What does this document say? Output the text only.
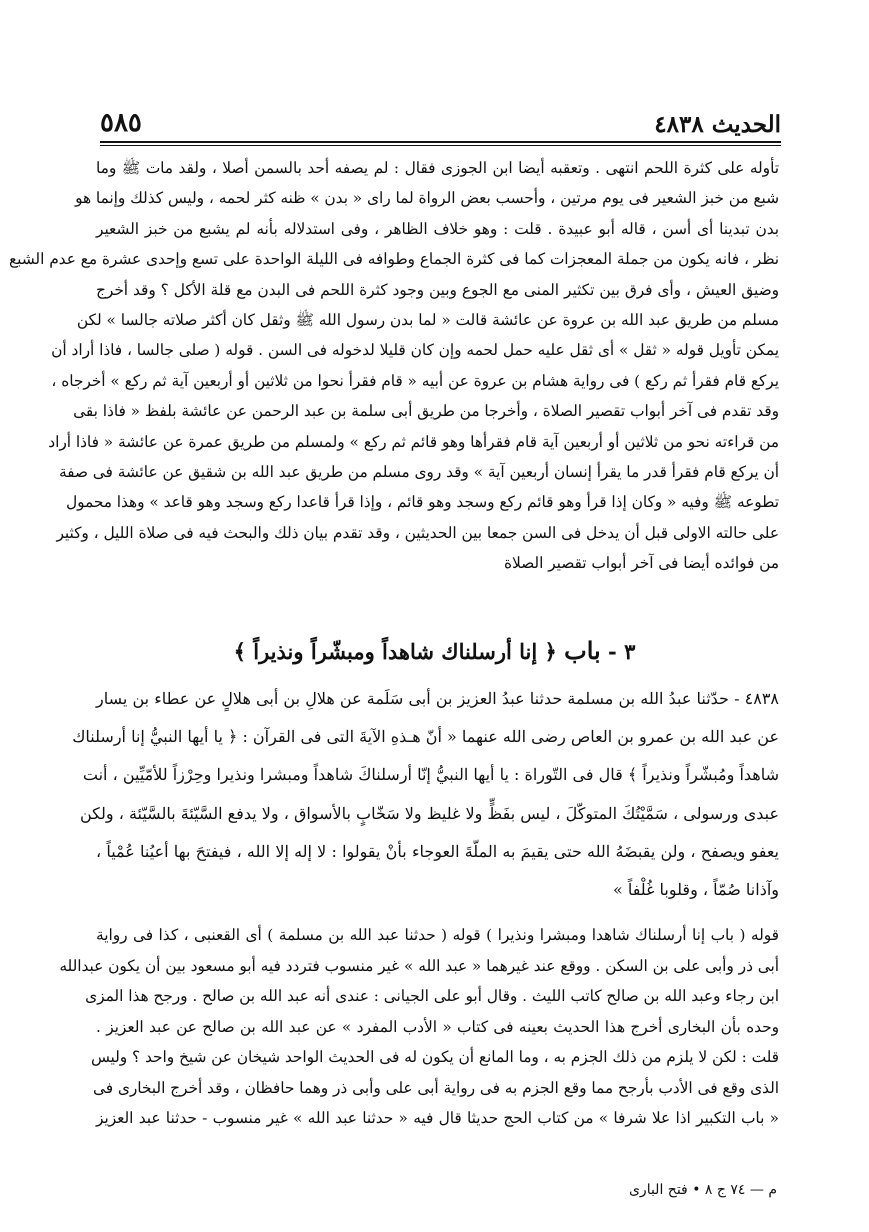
الحديث ٤٨٣٨
٥٨٥
تأوله على كثرة اللحم انتهى . وتعقبه أيضا ابن الجوزى فقال : لم يصفه أحد بالسمن أصلا ، ولقد مات ﷺ وما
شبع من خبز الشعير فى يوم مرتين ، وأحسب بعض الرواة لما راى « بدن » ظنه كثر لحمه ، وليس كذلك وإنما هو
بدن تبدينا أى أسن ، قاله أبو عبيدة . قلت : وهو خلاف الظاهر ، وفى استدلاله بأنه لم يشبع من خبز الشعير
نظر ، فانه يكون من جملة المعجزات كما فى كثرة الجماع وطوافه فى الليلة الواحدة على تسع وإحدى عشرة مع عدم الشبع
وضيق العيش ، وأى فرق بين تكثير المنى مع الجوع وبين وجود كثرة اللحم فى البدن مع قلة الأكل ؟ وقد أخرج
مسلم من طريق عبد الله بن عروة عن عائشة قالت « لما بدن رسول الله ﷺ وثقل كان أكثر صلاته جالسا » لكن
يمكن تأويل قوله « ثقل » أى ثقل عليه حمل لحمه وإن كان قليلا لدخوله فى السن . قوله ( صلى جالسا ، فاذا أراد أن
يركع قام فقرأ ثم ركع ) فى رواية هشام بن عروة عن أبيه « قام فقرأ نحوا من ثلاثين أو أربعين آية ثم ركع » أخرجاه ،
وقد تقدم فى آخر أبواب تقصير الصلاة ، وأخرجا من طريق أبى سلمة بن عبد الرحمن عن عائشة بلفظ « فاذا بقى
من قراءته نحو من ثلاثين أو أربعين آية قام فقرأها وهو قائم ثم ركع » ولمسلم من طريق عمرة عن عائشة « فاذا أراد
أن يركع قام فقرأ قدر ما يقرأ إنسان أربعين آية » وقد روى مسلم من طريق عبد الله بن شقيق عن عائشة فى صفة
تطوعه ﷺ وفيه « وكان إذا قرأ وهو قائم ركع وسجد وهو قائم ، وإذا قرأ قاعدا ركع وسجد وهو قاعد » وهذا محمول
على حالته الاولى قبل أن يدخل فى السن جمعا بين الحديثين ، وقد تقدم بيان ذلك والبحث فيه فى صلاة الليل ، وكثير
من فوائده أيضا فى آخر أبواب تقصير الصلاة
٣ - باب ﴿ إنا أرسلناك شاهداً ومبشّراً ونذيراً ﴾
٤٨٣٨ - حدّثنا عبدُ الله بن مسلمة حدثنا عبدُ العزيز بن أبى سَلَمة عن هلالِ بن أبى هلالٍ عن عطاء بن يسار
عن عبد الله بن عمرو بن العاص رضى الله عنهما « أنّ هـذهِ الآيةَ التى فى القرآن : ﴿ يا أيها النبيُّ إنا أرسلناك
شاهداً ومُبشّراً ونذيراً ﴾ قال فى التّوراة : يا أيها النبيُّ إنّا أرسلناكَ شاهداً ومبشرا ونذيرا وحِرْزاً للأمّيِّين ، أنت
عبدى ورسولى ، سَمَّيْتُكَ المتوكّلَ ، ليس بفَظٍّ ولا غليظ ولا سَخّابٍ بالأسواق ، ولا يدفع السَّيّئةَ بالسَّيّئة ، ولكن
يعفو ويصفح ، ولن يقبضَهُ الله حتى يقيمَ به الملّةَ العوجاء بأنْ يقولوا : لا إله إلا الله ، فيفتحَ بها أعيُنا عُمْياً ،
وآذانا صُمّاً ، وقلوبا غُلْفاً »
قوله ( باب إنا أرسلناك شاهدا ومبشرا ونذيرا ) قوله ( حدثنا عبد الله بن مسلمة ) أى القعنبى ، كذا فى رواية
أبى ذر وأبى على بن السكن . ووقع عند غيرهما « عبد الله » غير منسوب فتردد فيه أبو مسعود بين أن يكون عبدالله
ابن رجاء وعبد الله بن صالح كاتب الليث . وقال أبو على الجيانى : عندى أنه عبد الله بن صالح . ورجح هذا المزى
وحده بأن البخارى أخرج هذا الحديث بعينه فى كتاب « الأدب المفرد » عن عبد الله بن صالح عن عبد العزيز .
قلت : لكن لا يلزم من ذلك الجزم به ، وما المانع أن يكون له فى الحديث الواحد شيخان عن شيخ واحد ؟ وليس
الذى وقع فى الأدب بأرجح مما وقع الجزم به فى رواية أبى على وأبى ذر وهما حافظان ، وقد أخرج البخارى فى
« باب التكبير اذا علا شرفا » من كتاب الحج حديثا قال فيه « حدثنا عبد الله » غير منسوب - حدثنا عبد العزيز
م — ٧٤ ج ٨ • فتح البارى
